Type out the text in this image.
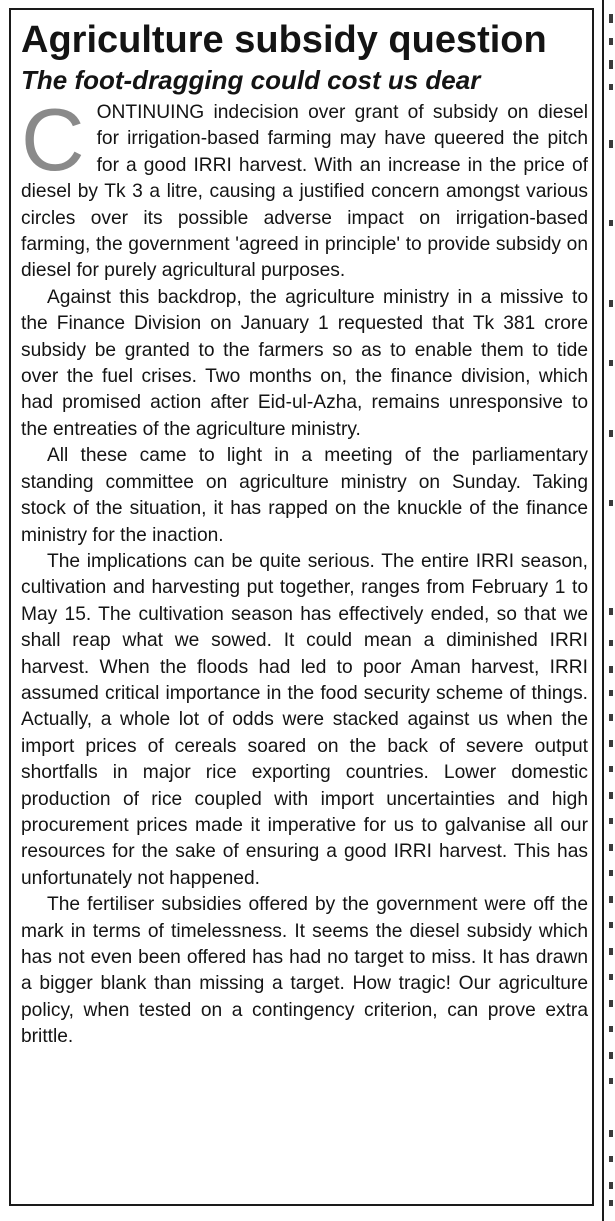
Agriculture subsidy question
The foot-dragging could cost us dear

CONTINUING indecision over grant of subsidy on diesel for irrigation-based farming may have queered the pitch for a good IRRI harvest. With an increase in the price of diesel by Tk 3 a litre, causing a justified concern amongst various circles over its possible adverse impact on irrigation-based farming, the government 'agreed in principle' to provide subsidy on diesel for purely agricultural purposes.

Against this backdrop, the agriculture ministry in a missive to the Finance Division on January 1 requested that Tk 381 crore subsidy be granted to the farmers so as to enable them to tide over the fuel crises. Two months on, the finance division, which had promised action after Eid-ul-Azha, remains unresponsive to the entreaties of the agriculture ministry.

All these came to light in a meeting of the parliamentary standing committee on agriculture ministry on Sunday. Taking stock of the situation, it has rapped on the knuckle of the finance ministry for the inaction.

The implications can be quite serious. The entire IRRI season, cultivation and harvesting put together, ranges from February 1 to May 15. The cultivation season has effectively ended, so that we shall reap what we sowed. It could mean a diminished IRRI harvest. When the floods had led to poor Aman harvest, IRRI assumed critical importance in the food security scheme of things. Actually, a whole lot of odds were stacked against us when the import prices of cereals soared on the back of severe output shortfalls in major rice exporting countries. Lower domestic production of rice coupled with import uncertainties and high procurement prices made it imperative for us to galvanise all our resources for the sake of ensuring a good IRRI harvest. This has unfortunately not happened.

The fertiliser subsidies offered by the government were off the mark in terms of timelessness. It seems the diesel subsidy which has not even been offered has had no target to miss. It has drawn a bigger blank than missing a target. How tragic! Our agriculture policy, when tested on a contingency criterion, can prove extra brittle.
